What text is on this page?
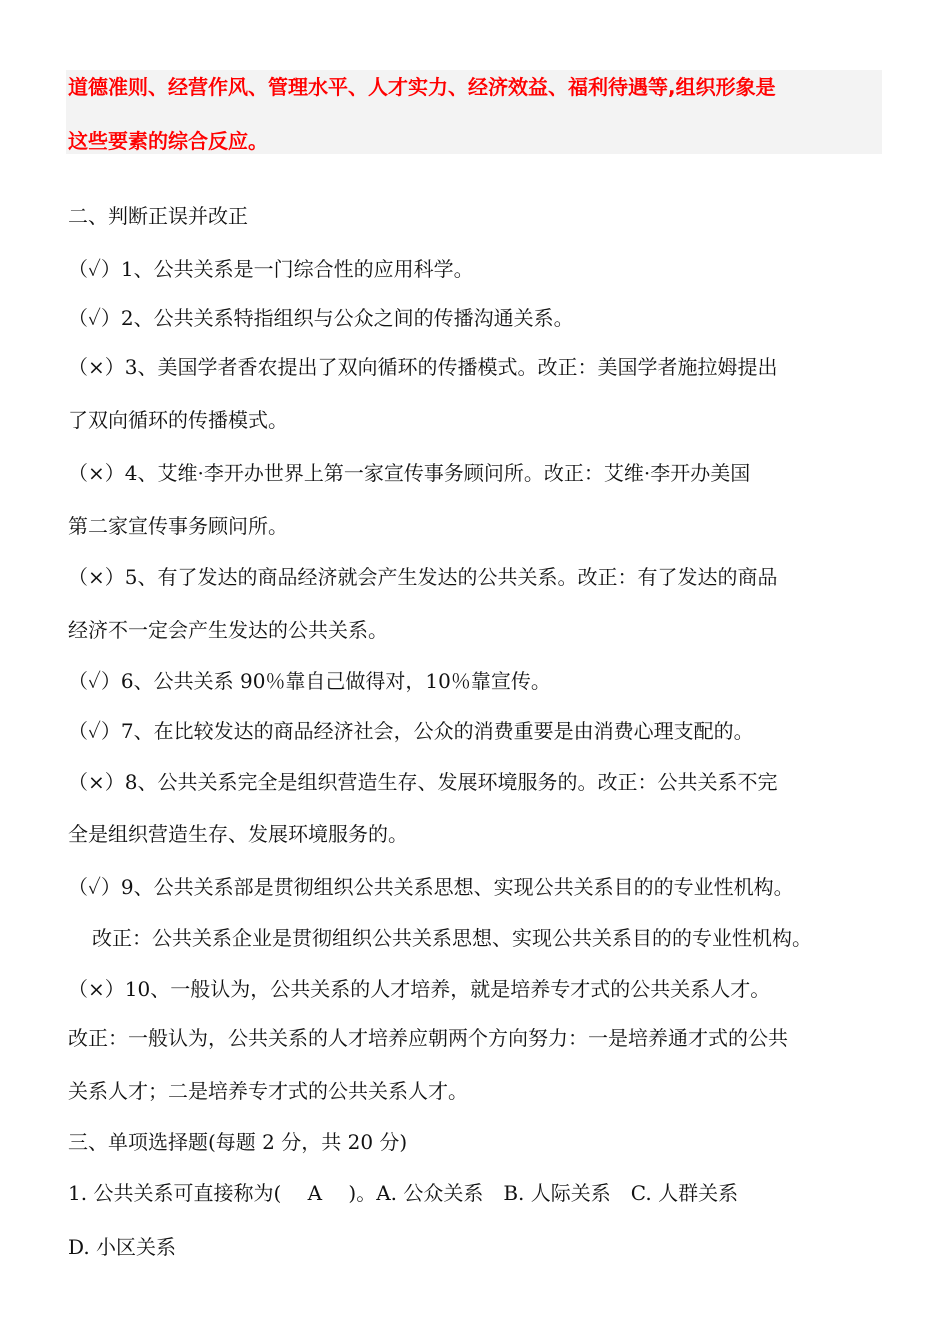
道德准则、经营作风、管理水平、人才实力、经济效益、福利待遇等,组织形象是
这些要素的综合反应。
二、判断正误并改正
（✓）1、公共关系是一门综合性的应用科学。
（✓）2、公共关系特指组织与公众之间的传播沟通关系。
（×）3、美国学者香农提出了双向循环的传播模式。改正：美国学者施拉姆提出
了双向循环的传播模式。
（×）4、艾维·李开办世界上第一家宣传事务顾问所。改正：艾维·李开办美国
第二家宣传事务顾问所。
（×）5、有了发达的商品经济就会产生发达的公共关系。改正：有了发达的商品
经济不一定会产生发达的公共关系。
（✓）6、公共关系 90％靠自己做得对，10％靠宣传。
（✓）7、在比较发达的商品经济社会，公众的消费重要是由消费心理支配的。
（×）8、公共关系完全是组织营造生存、发展环境服务的。改正：公共关系不完
全是组织营造生存、发展环境服务的。
（✓）9、公共关系部是贯彻组织公共关系思想、实现公共关系目的的专业性机构。
改正：公共关系企业是贯彻组织公共关系思想、实现公共关系目的的专业性机构。
（×）10、一般认为，公共关系的人才培养，就是培养专才式的公共关系人才。
改正：一般认为，公共关系的人才培养应朝两个方向努力：一是培养通才式的公共
关系人才；二是培养专才式的公共关系人才。
三、单项选择题(每题 2 分，共 20 分)
1. 公共关系可直接称为(　 A　 )。A. 公众关系　B. 人际关系　C. 人群关系
D. 小区关系
